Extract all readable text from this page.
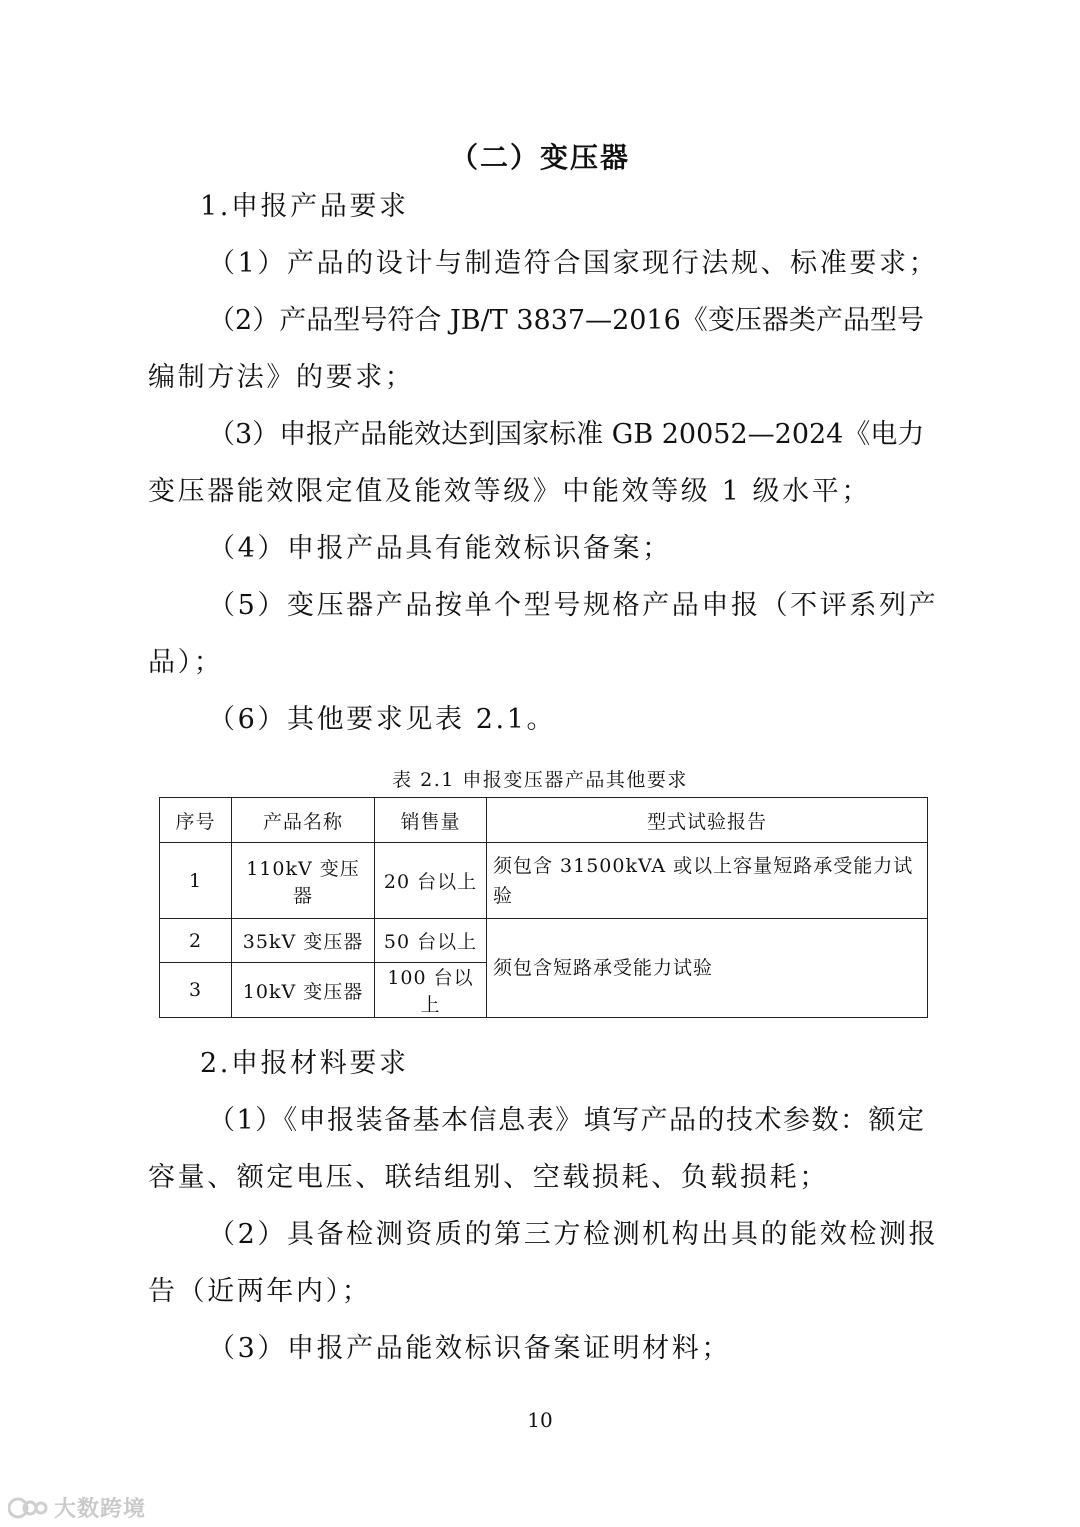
（二）变压器
1.申报产品要求
（1）产品的设计与制造符合国家现行法规、标准要求；
（2）产品型号符合 JB/T 3837—2016《变压器类产品型号
编制方法》的要求；
（3）申报产品能效达到国家标准 GB 20052—2024《电力
变压器能效限定值及能效等级》中能效等级 1 级水平；
（4）申报产品具有能效标识备案；
（5）变压器产品按单个型号规格产品申报（不评系列产
品）；
（6）其他要求见表 2.1。
表 2.1 申报变压器产品其他要求
序号	产品名称	销售量	型式试验报告
1	110kV 变压器	20 台以上	须包含 31500kVA 或以上容量短路承受能力试验
2	35kV 变压器	50 台以上	须包含短路承受能力试验
3	10kV 变压器	100 台以上	
2.申报材料要求
（1）《申报装备基本信息表》填写产品的技术参数：额定
容量、额定电压、联结组别、空载损耗、负载损耗；
（2）具备检测资质的第三方检测机构出具的能效检测报
告（近两年内）；
（3）申报产品能效标识备案证明材料；
10
大数跨境
